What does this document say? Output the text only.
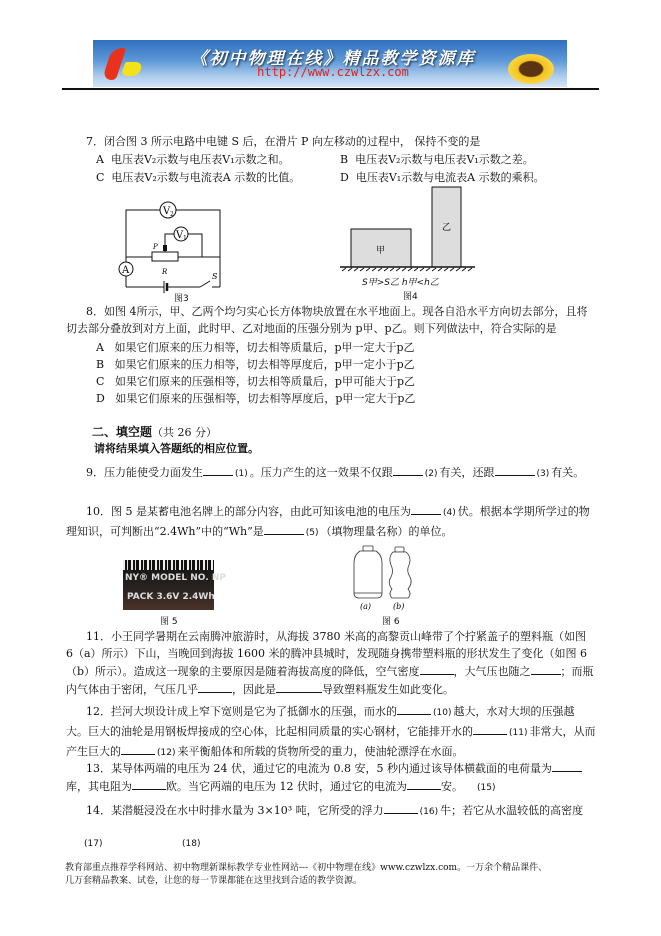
《初中物理在线》精品教学资源库
http://www.czwlzx.com
7．闭合图 3 所示电路中电键 S 后，在滑片 P 向左移动的过程中， 保持不变的是
A 电压表V₂示数与电压表V₁示数之和。	B 电压表V₂示数与电压表V₁示数之差。
C 电压表V₂示数与电流表A 示数的比值。	D 电压表V₁示数与电流表A 示数的乘积。
V 2
V 1
A
P
R	S
图3
甲
乙
S甲>S乙 h甲<h乙
图4
8．如图 4所示，甲、乙两个均匀实心长方体物块放置在水平地面上。现各自沿水平方向切去部分，且将切去部分叠放到对方上面，此时甲、乙对地面的压强分别为 p甲、p乙。则下列做法中，符合实际的是
A 如果它们原来的压力相等，切去相等质量后，p甲一定大于p乙
B 如果它们原来的压力相等，切去相等厚度后，p甲一定小于p乙
C 如果它们原来的压强相等，切去相等质量后，p甲可能大于p乙
D 如果它们原来的压强相等，切去相等厚度后，p甲一定大于p乙
二、填空题（共 26 分）
请将结果填入答题纸的相应位置。
9．压力能使受力面发生	(1) 。压力产生的这一效果不仅跟	(2) 有关，还跟	(3) 有关。
10．图 5 是某蓄电池名牌上的部分内容，由此可知该电池的电压为	(4) 伏。根据本学期所学过的物理知识，可判断出“2.4Wh”中的“Wh”是	(5) （填物理量名称）的单位。
NY® MODEL NO. NP
PACK 3.6V 2.4Wh
图 5
(a)	(b)
图 6
11．小王同学暑期在云南腾冲旅游时，从海拔 3780 米高的高黎贡山峰带了个拧紧盖子的塑料瓶（如图 6（a）所示）下山，当晚回到海拔 1600 米的腾冲县城时，发现随身携带塑料瓶的形状发生了变化（如图 6（b）所示）。造成这一现象的主要原因是随着海拔高度的降低，空气密度	，大气压也随之	；而瓶内气体由于密闭，气压几乎	，因此是	导致塑料瓶发生如此变化。
12．拦河大坝设计成上窄下宽则是它为了抵御水的压强，而水的	(10) 越大，水对大坝的压强越大。巨大的油轮是用钢板焊接成的空心体，比起相同质量的实心钢材，它能排开水的	(11) 非常大，从而产生巨大的	(12) 来平衡船体和所载的货物所受的重力，使油轮漂浮在水面。
13．某导体两端的电压为 24 伏，通过它的电流为 0.8 安，5 秒内通过该导体横截面的电荷量为库，其电阻为	欧。当它两端的电压为 12 伏时，通过它的电流为	安。 (15)
14．某潜艇浸没在水中时排水量为 3×10³ 吨，它所受的浮力	(16) 牛；若它从水温较低的高密度
(17)	(18)
教育部重点推荐学科网站、初中物理新课标教学专业性网站---《初中物理在线》www.czwlzx.com。一万余个精品课件、
几万套精品教案、试卷，让您的每一节课都能在这里找到合适的教学资源。
